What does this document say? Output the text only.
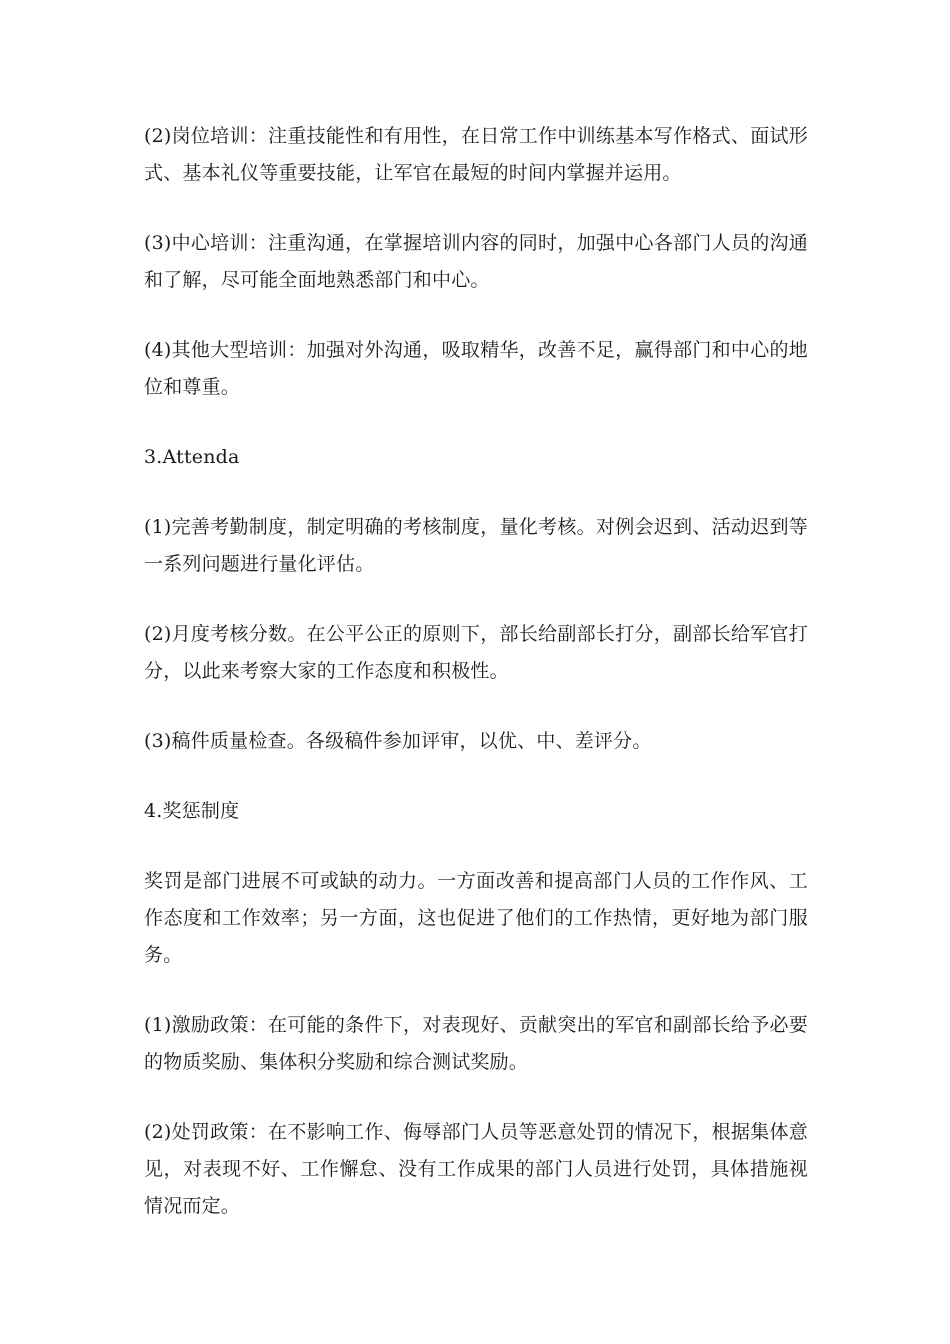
(2)岗位培训：注重技能性和有用性，在日常工作中训练基本写作格式、面试形式、基本礼仪等重要技能，让军官在最短的时间内掌握并运用。

(3)中心培训：注重沟通，在掌握培训内容的同时，加强中心各部门人员的沟通和了解，尽可能全面地熟悉部门和中心。

(4)其他大型培训：加强对外沟通，吸取精华，改善不足，赢得部门和中心的地位和尊重。

3.Attenda

(1)完善考勤制度，制定明确的考核制度，量化考核。对例会迟到、活动迟到等一系列问题进行量化评估。

(2)月度考核分数。在公平公正的原则下，部长给副部长打分，副部长给军官打分，以此来考察大家的工作态度和积极性。

(3)稿件质量检查。各级稿件参加评审，以优、中、差评分。

4.奖惩制度

奖罚是部门进展不可或缺的动力。一方面改善和提高部门人员的工作作风、工作态度和工作效率；另一方面，这也促进了他们的工作热情，更好地为部门服务。

(1)激励政策：在可能的条件下，对表现好、贡献突出的军官和副部长给予必要的物质奖励、集体积分奖励和综合测试奖励。

(2)处罚政策：在不影响工作、侮辱部门人员等恶意处罚的情况下，根据集体意见，对表现不好、工作懈怠、没有工作成果的部门人员进行处罚，具体措施视情况而定。
